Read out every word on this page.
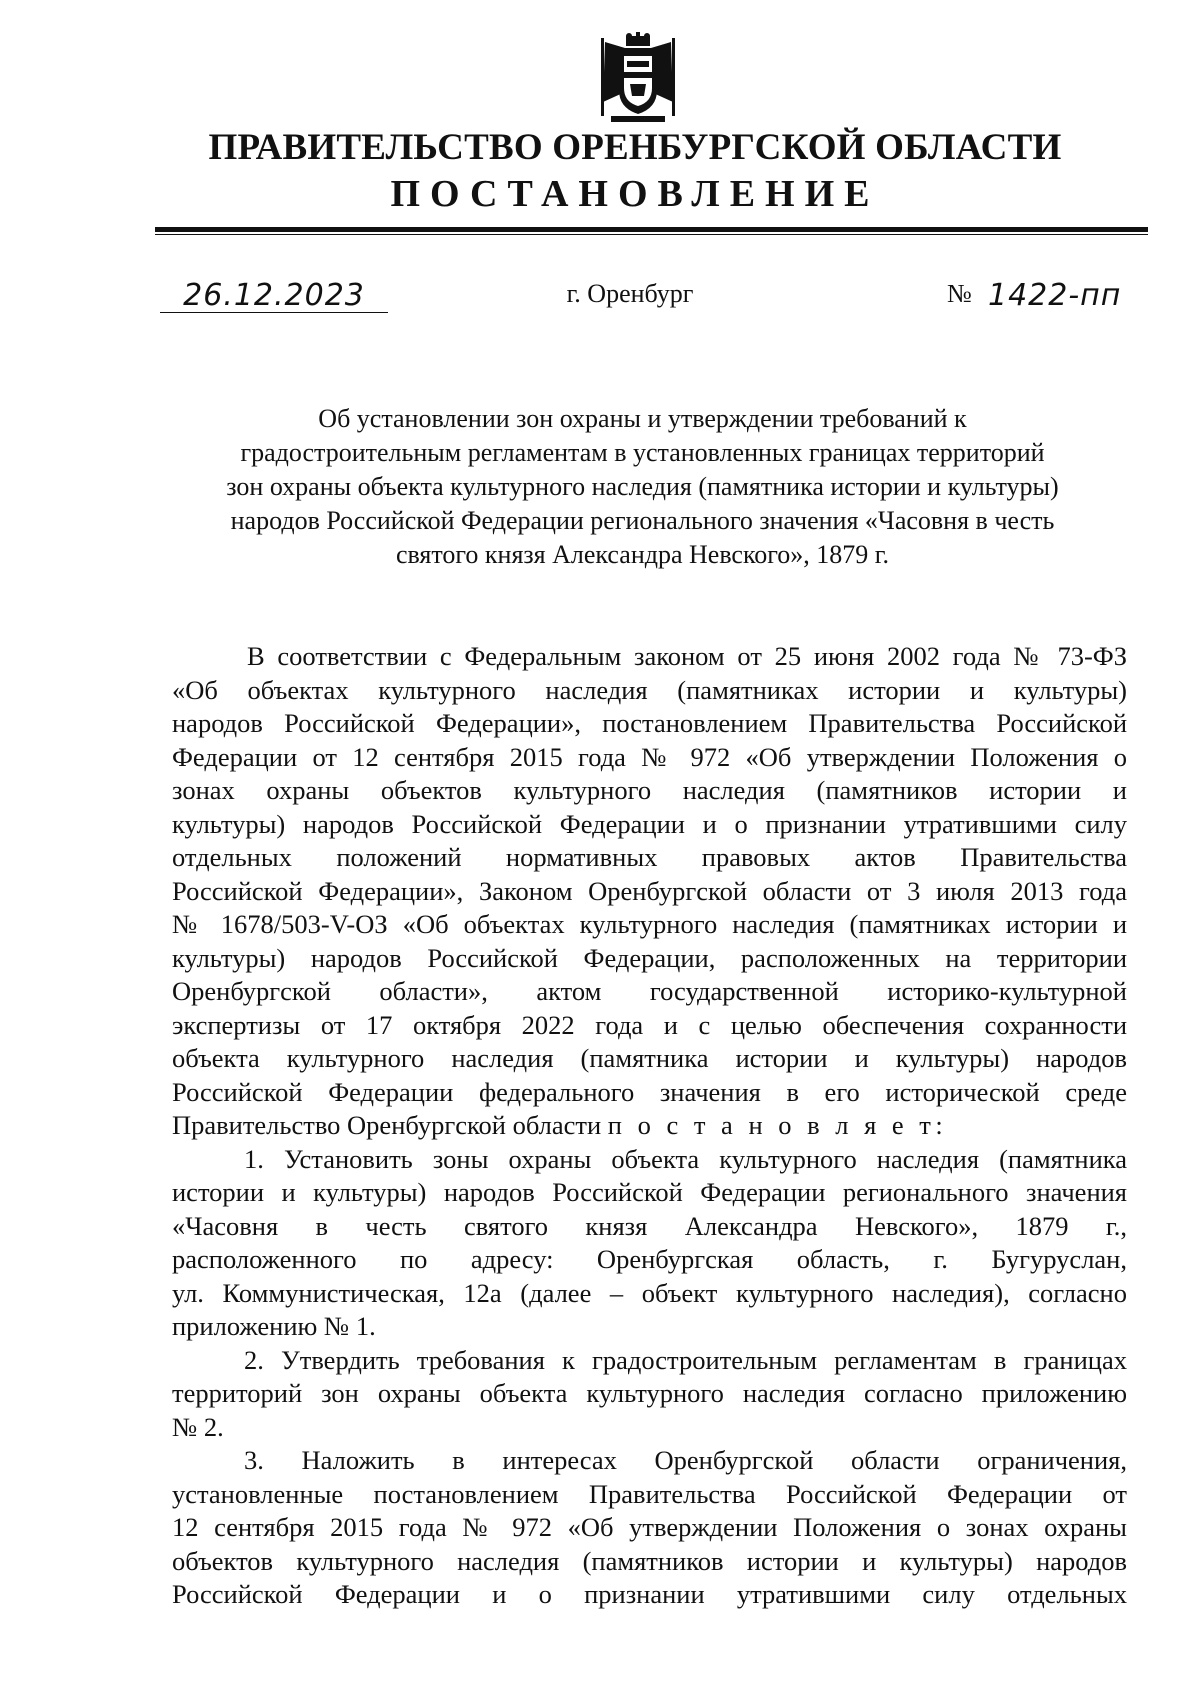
ПРАВИТЕЛЬСТВО ОРЕНБУРГСКОЙ ОБЛАСТИ
ПОСТАНОВЛЕНИЕ
26.12.2023	г. Оренбург	№ 1422-пп
Об установлении зон охраны и утверждении требований к
градостроительным регламентам в установленных границах территорий
зон охраны объекта культурного наследия (памятника истории и культуры)
народов Российской Федерации регионального значения «Часовня в честь
святого князя Александра Невского», 1879 г.
В соответствии с Федеральным законом от 25 июня 2002 года № 73-ФЗ
«Об объектах культурного наследия (памятниках истории и культуры)
народов Российской Федерации», постановлением Правительства Российской
Федерации от 12 сентября 2015 года № 972 «Об утверждении Положения о
зонах охраны объектов культурного наследия (памятников истории и
культуры) народов Российской Федерации и о признании утратившими силу
отдельных положений нормативных правовых актов Правительства
Российской Федерации», Законом Оренбургской области от 3 июля 2013 года
№ 1678/503-V-ОЗ «Об объектах культурного наследия (памятниках истории и
культуры) народов Российской Федерации, расположенных на территории
Оренбургской области», актом государственной историко-культурной
экспертизы от 17 октября 2022 года и с целью обеспечения сохранности
объекта культурного наследия (памятника истории и культуры) народов
Российской Федерации федерального значения в его исторической среде
Правительство Оренбургской области п о с т а н о в л я е т:
1. Установить зоны охраны объекта культурного наследия (памятника
истории и культуры) народов Российской Федерации регионального значения
«Часовня в честь святого князя Александра Невского», 1879 г.,
расположенного по адресу: Оренбургская область, г. Бугуруслан,
ул. Коммунистическая, 12а (далее – объект культурного наследия), согласно
приложению № 1.
2. Утвердить требования к градостроительным регламентам в границах
территорий зон охраны объекта культурного наследия согласно приложению
№ 2.
3. Наложить в интересах Оренбургской области ограничения,
установленные постановлением Правительства Российской Федерации от
12 сентября 2015 года № 972 «Об утверждении Положения о зонах охраны
объектов культурного наследия (памятников истории и культуры) народов
Российской Федерации и о признании утратившими силу отдельных
